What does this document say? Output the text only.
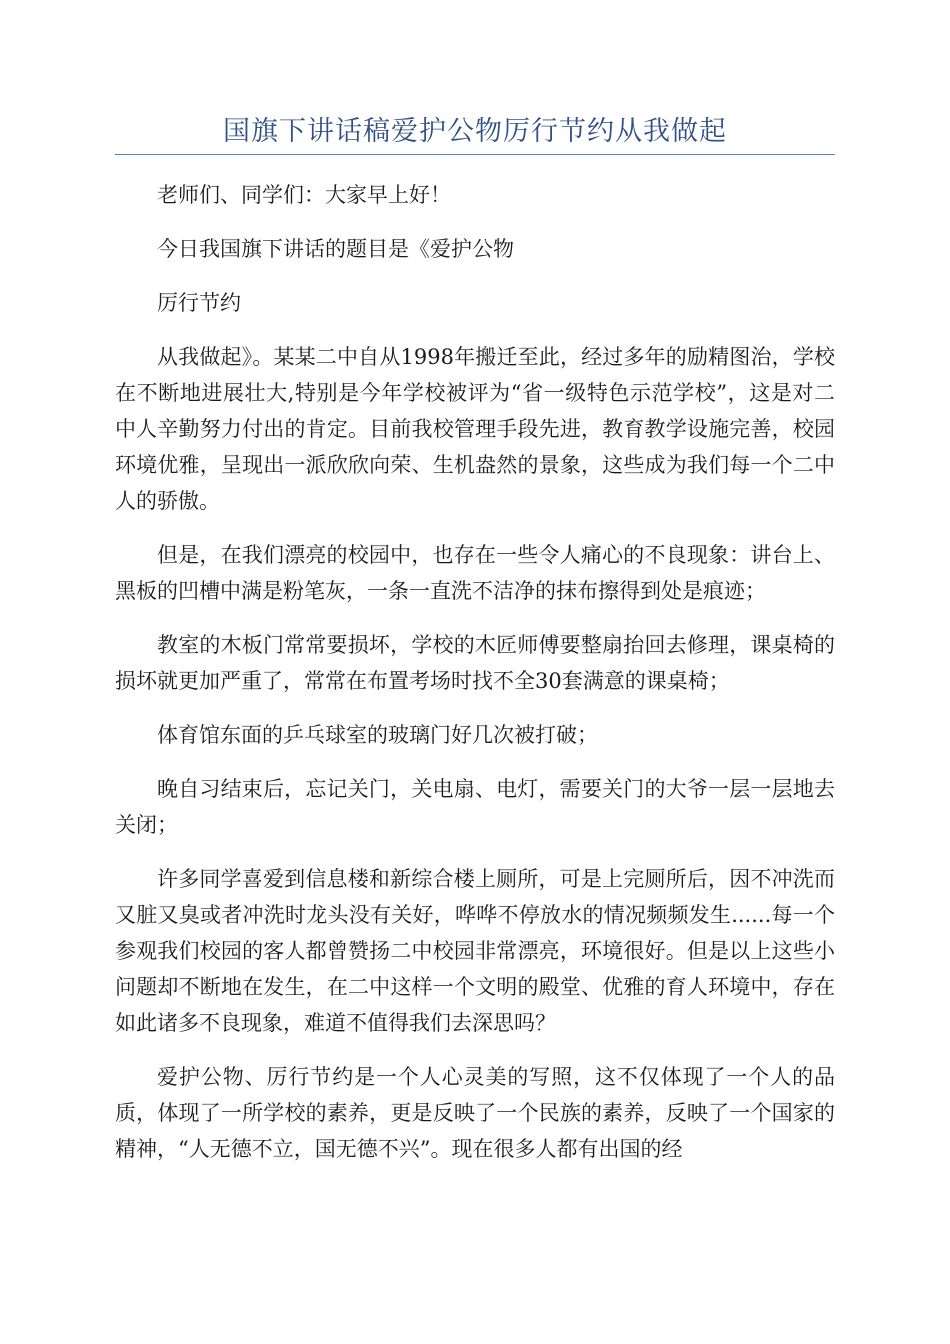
国旗下讲话稿爱护公物厉行节约从我做起

老师们、同学们：大家早上好！

今日我国旗下讲话的题目是《爱护公物

厉行节约

从我做起》。某某二中自从1998年搬迁至此，经过多年的励精图治，学校在不断地进展壮大,特别是今年学校被评为“省一级特色示范学校”，这是对二中人辛勤努力付出的肯定。目前我校管理手段先进，教育教学设施完善，校园环境优雅，呈现出一派欣欣向荣、生机盎然的景象，这些成为我们每一个二中人的骄傲。

但是，在我们漂亮的校园中，也存在一些令人痛心的不良现象：讲台上、黑板的凹槽中满是粉笔灰，一条一直洗不洁净的抹布擦得到处是痕迹；

教室的木板门常常要损坏，学校的木匠师傅要整扇抬回去修理，课桌椅的损坏就更加严重了，常常在布置考场时找不全30套满意的课桌椅；

体育馆东面的乒乓球室的玻璃门好几次被打破；

晚自习结束后，忘记关门，关电扇、电灯，需要关门的大爷一层一层地去关闭；

许多同学喜爱到信息楼和新综合楼上厕所，可是上完厕所后，因不冲洗而又脏又臭或者冲洗时龙头没有关好，哗哗不停放水的情况频频发生......每一个参观我们校园的客人都曾赞扬二中校园非常漂亮，环境很好。但是以上这些小问题却不断地在发生，在二中这样一个文明的殿堂、优雅的育人环境中，存在如此诸多不良现象，难道不值得我们去深思吗？

爱护公物、厉行节约是一个人心灵美的写照，这不仅体现了一个人的品质，体现了一所学校的素养，更是反映了一个民族的素养，反映了一个国家的精神，“人无德不立，国无德不兴”。现在很多人都有出国的经
